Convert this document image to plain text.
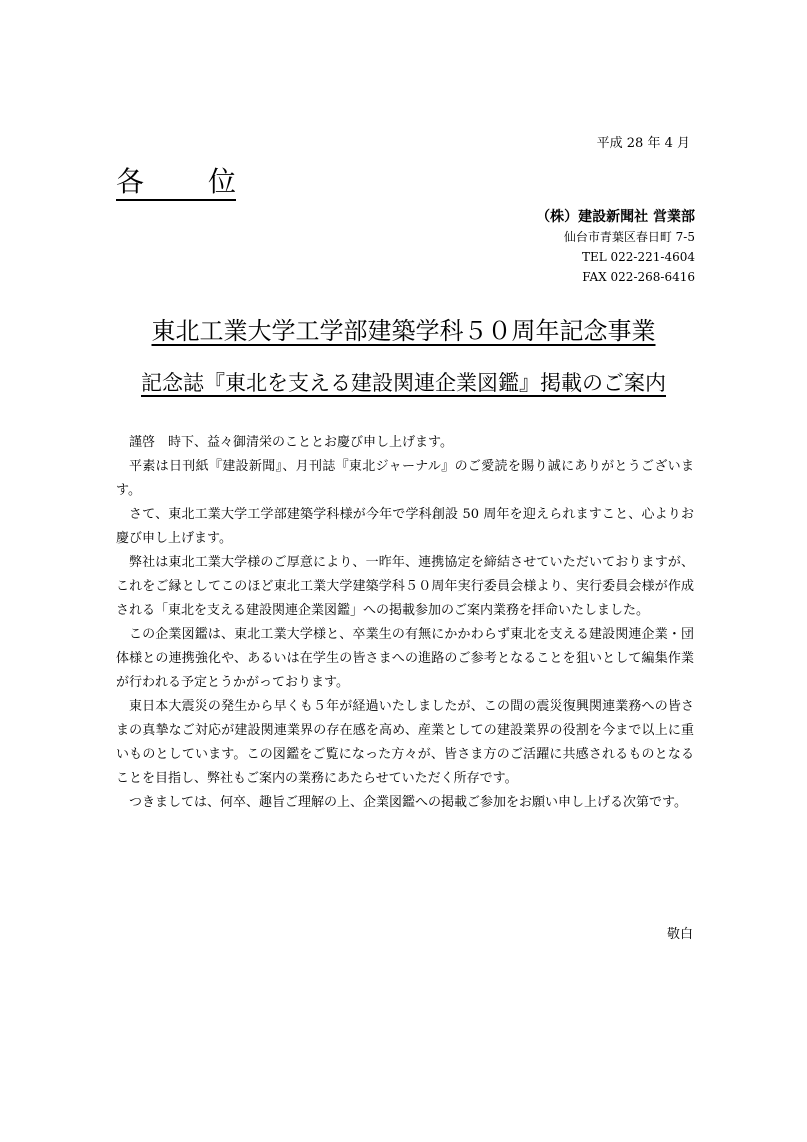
平成 28 年 4 月
各 位
（株）建設新聞社 営業部
仙台市青葉区春日町 7-5
TEL 022-221-4604
FAX 022-268-6416
東北工業大学工学部建築学科５０周年記念事業
記念誌『東北を支える建設関連企業図鑑』掲載のご案内

謹啓　時下、益々御清栄のこととお慶び申し上げます。

平素は日刊紙『建設新聞』、月刊誌『東北ジャーナル』のご愛読を賜り誠にありがとうございます。

さて、東北工業大学工学部建築学科様が今年で学科創設 50 周年を迎えられますこと、心よりお慶び申し上げます。

弊社は東北工業大学様のご厚意により、一昨年、連携協定を締結させていただいておりますが、これをご縁としてこのほど東北工業大学建築学科５０周年実行委員会様より、実行委員会様が作成される「東北を支える建設関連企業図鑑」への掲載参加のご案内業務を拝命いたしました。

この企業図鑑は、東北工業大学様と、卒業生の有無にかかわらず東北を支える建設関連企業・団体様との連携強化や、あるいは在学生の皆さまへの進路のご参考となることを狙いとして編集作業が行われる予定とうかがっております。

東日本大震災の発生から早くも５年が経過いたしましたが、この間の震災復興関連業務への皆さまの真摯なご対応が建設関連業界の存在感を高め、産業としての建設業界の役割を今まで以上に重いものとしています。この図鑑をご覧になった方々が、皆さま方のご活躍に共感されるものとなることを目指し、弊社もご案内の業務にあたらせていただく所存です。

つきましては、何卒、趣旨ご理解の上、企業図鑑への掲載ご参加をお願い申し上げる次第です。

敬白
